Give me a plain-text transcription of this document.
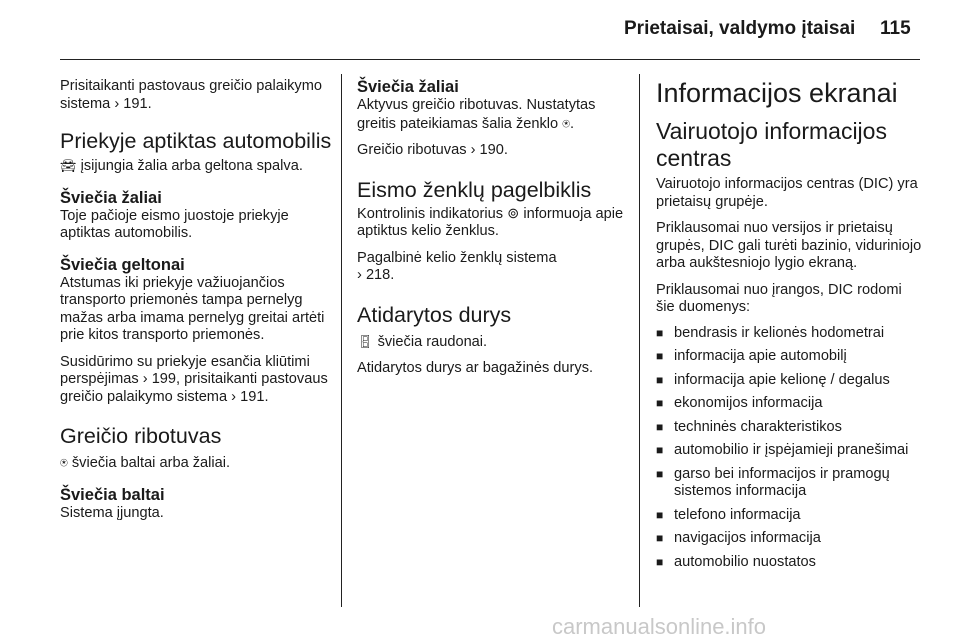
Prietaisai, valdymo įtaisai 115

Prisitaikanti pastovaus greičio palaikymo sistema › 191.

Priekyje aptiktas automobilis

🚘︎ įsijungia žalia arba geltona spalva.

Šviečia žaliai

Toje pačioje eismo juostoje priekyje aptiktas automobilis.

Šviečia geltonai

Atstumas iki priekyje važiuojančios transporto priemonės tampa pernelyg mažas arba imama pernelyg greitai artėti prie kitos transporto priemonės.

Susidūrimo su priekyje esančia kliūtimi perspėjimas › 199, prisitaikanti pastovaus greičio palaikymo sistema › 191.

Greičio ribotuvas

⍟ šviečia baltai arba žaliai.

Šviečia baltai

Sistema įjungta.

Šviečia žaliai

Aktyvus greičio ribotuvas. Nustatytas greitis pateikiamas šalia ženklo ⍟.

Greičio ribotuvas › 190.

Eismo ženklų pagelbiklis

Kontrolinis indikatorius ⊚ informuoja apie aptiktus kelio ženklus.

Pagalbinė kelio ženklų sistema
› 218.

Atidarytos durys

🚪︎ šviečia raudonai.

Atidarytos durys ar bagažinės durys.

Informacijos ekranai
Vairuotojo informacijos centras

Vairuotojo informacijos centras (DIC) yra prietaisų grupėje.

Priklausomai nuo versijos ir prietaisų grupės, DIC gali turėti bazinio, viduriniojo arba aukštesniojo lygio ekraną.

Priklausomai nuo įrangos, DIC rodomi šie duomenys:

■ bendrasis ir kelionės hodometrai
■ informacija apie automobilį
■ informacija apie kelionę / degalus
■ ekonomijos informacija
■ techninės charakteristikos
■ automobilio ir įspėjamieji pranešimai
■ garso bei informacijos ir pramogų sistemos informacija
■ telefono informacija
■ navigacijos informacija
■ automobilio nuostatos
carmanualsonline.info
